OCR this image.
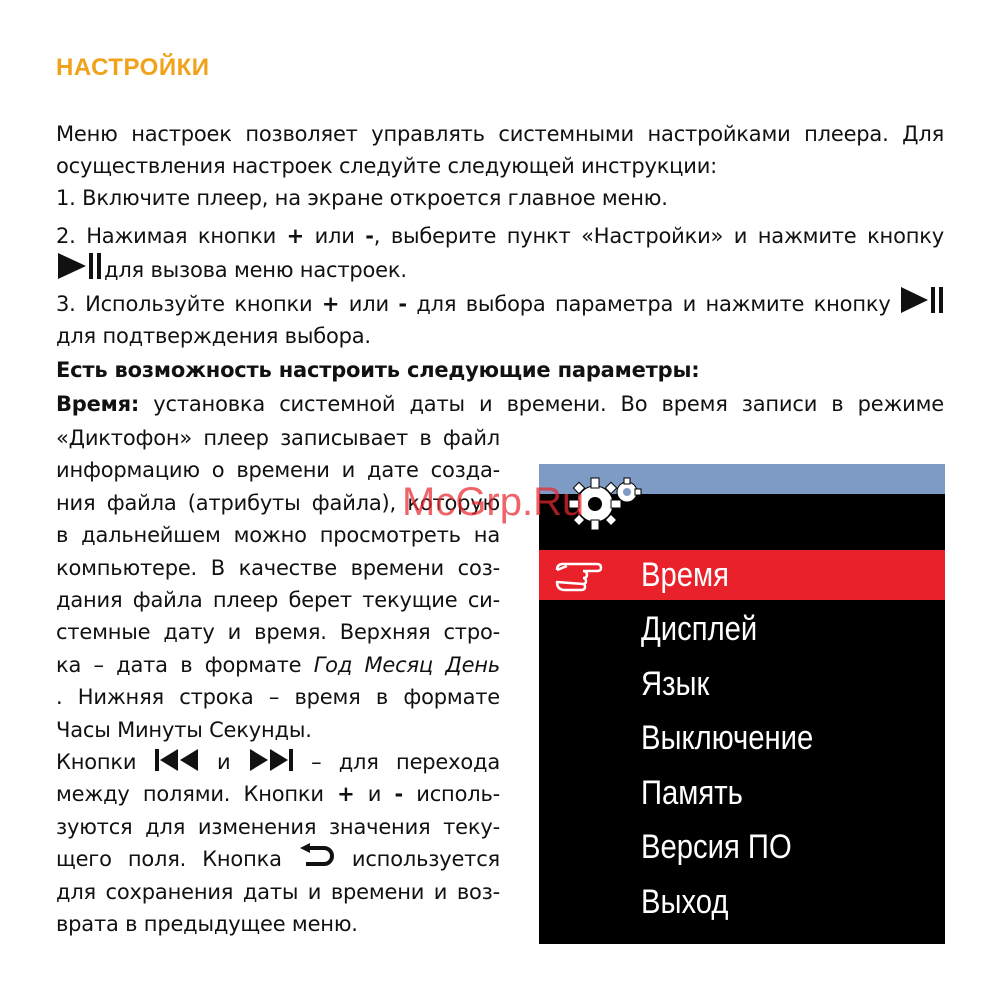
НАСТРОЙКИ

Меню настроек позволяет управлять системными настройками плеера. Для
осуществления настроек следуйте следующей инструкции:

1. Включите плеер, на экране откроется главное меню.

2. Нажимая кнопки + или -, выберите пункт «Настройки» и нажмите кнопку
для вызова меню настроек.

3. Используйте кнопки + или - для выбора параметра и нажмите кнопку
для подтверждения выбора.

Есть возможность настроить следующие параметры:

Время: установка системной даты и времени. Во время записи в режиме

«Диктофон» плеер записывает в файл
информацию о времени и дате созда-
ния файла (атрибуты файла), которую
в дальнейшем можно просмотреть на
компьютере. В качестве времени соз-
дания файла плеер берет текущие си-
стемные дату и время. Верхняя стро-
ка – дата в формате Год Месяц День
. Нижняя строка – время в формате
Часы Минуты Секунды.
Кнопки	и	– для перехода
между полями. Кнопки + и - исполь-
зуются для изменения значения теку-
щего поля. Кнопка	используется
для сохранения даты и времени и воз-
врата в предыдущее меню.
Время
Дисплей
Язык
Выключение
Память
Версия ПО
Выход
McGrp.Ru
